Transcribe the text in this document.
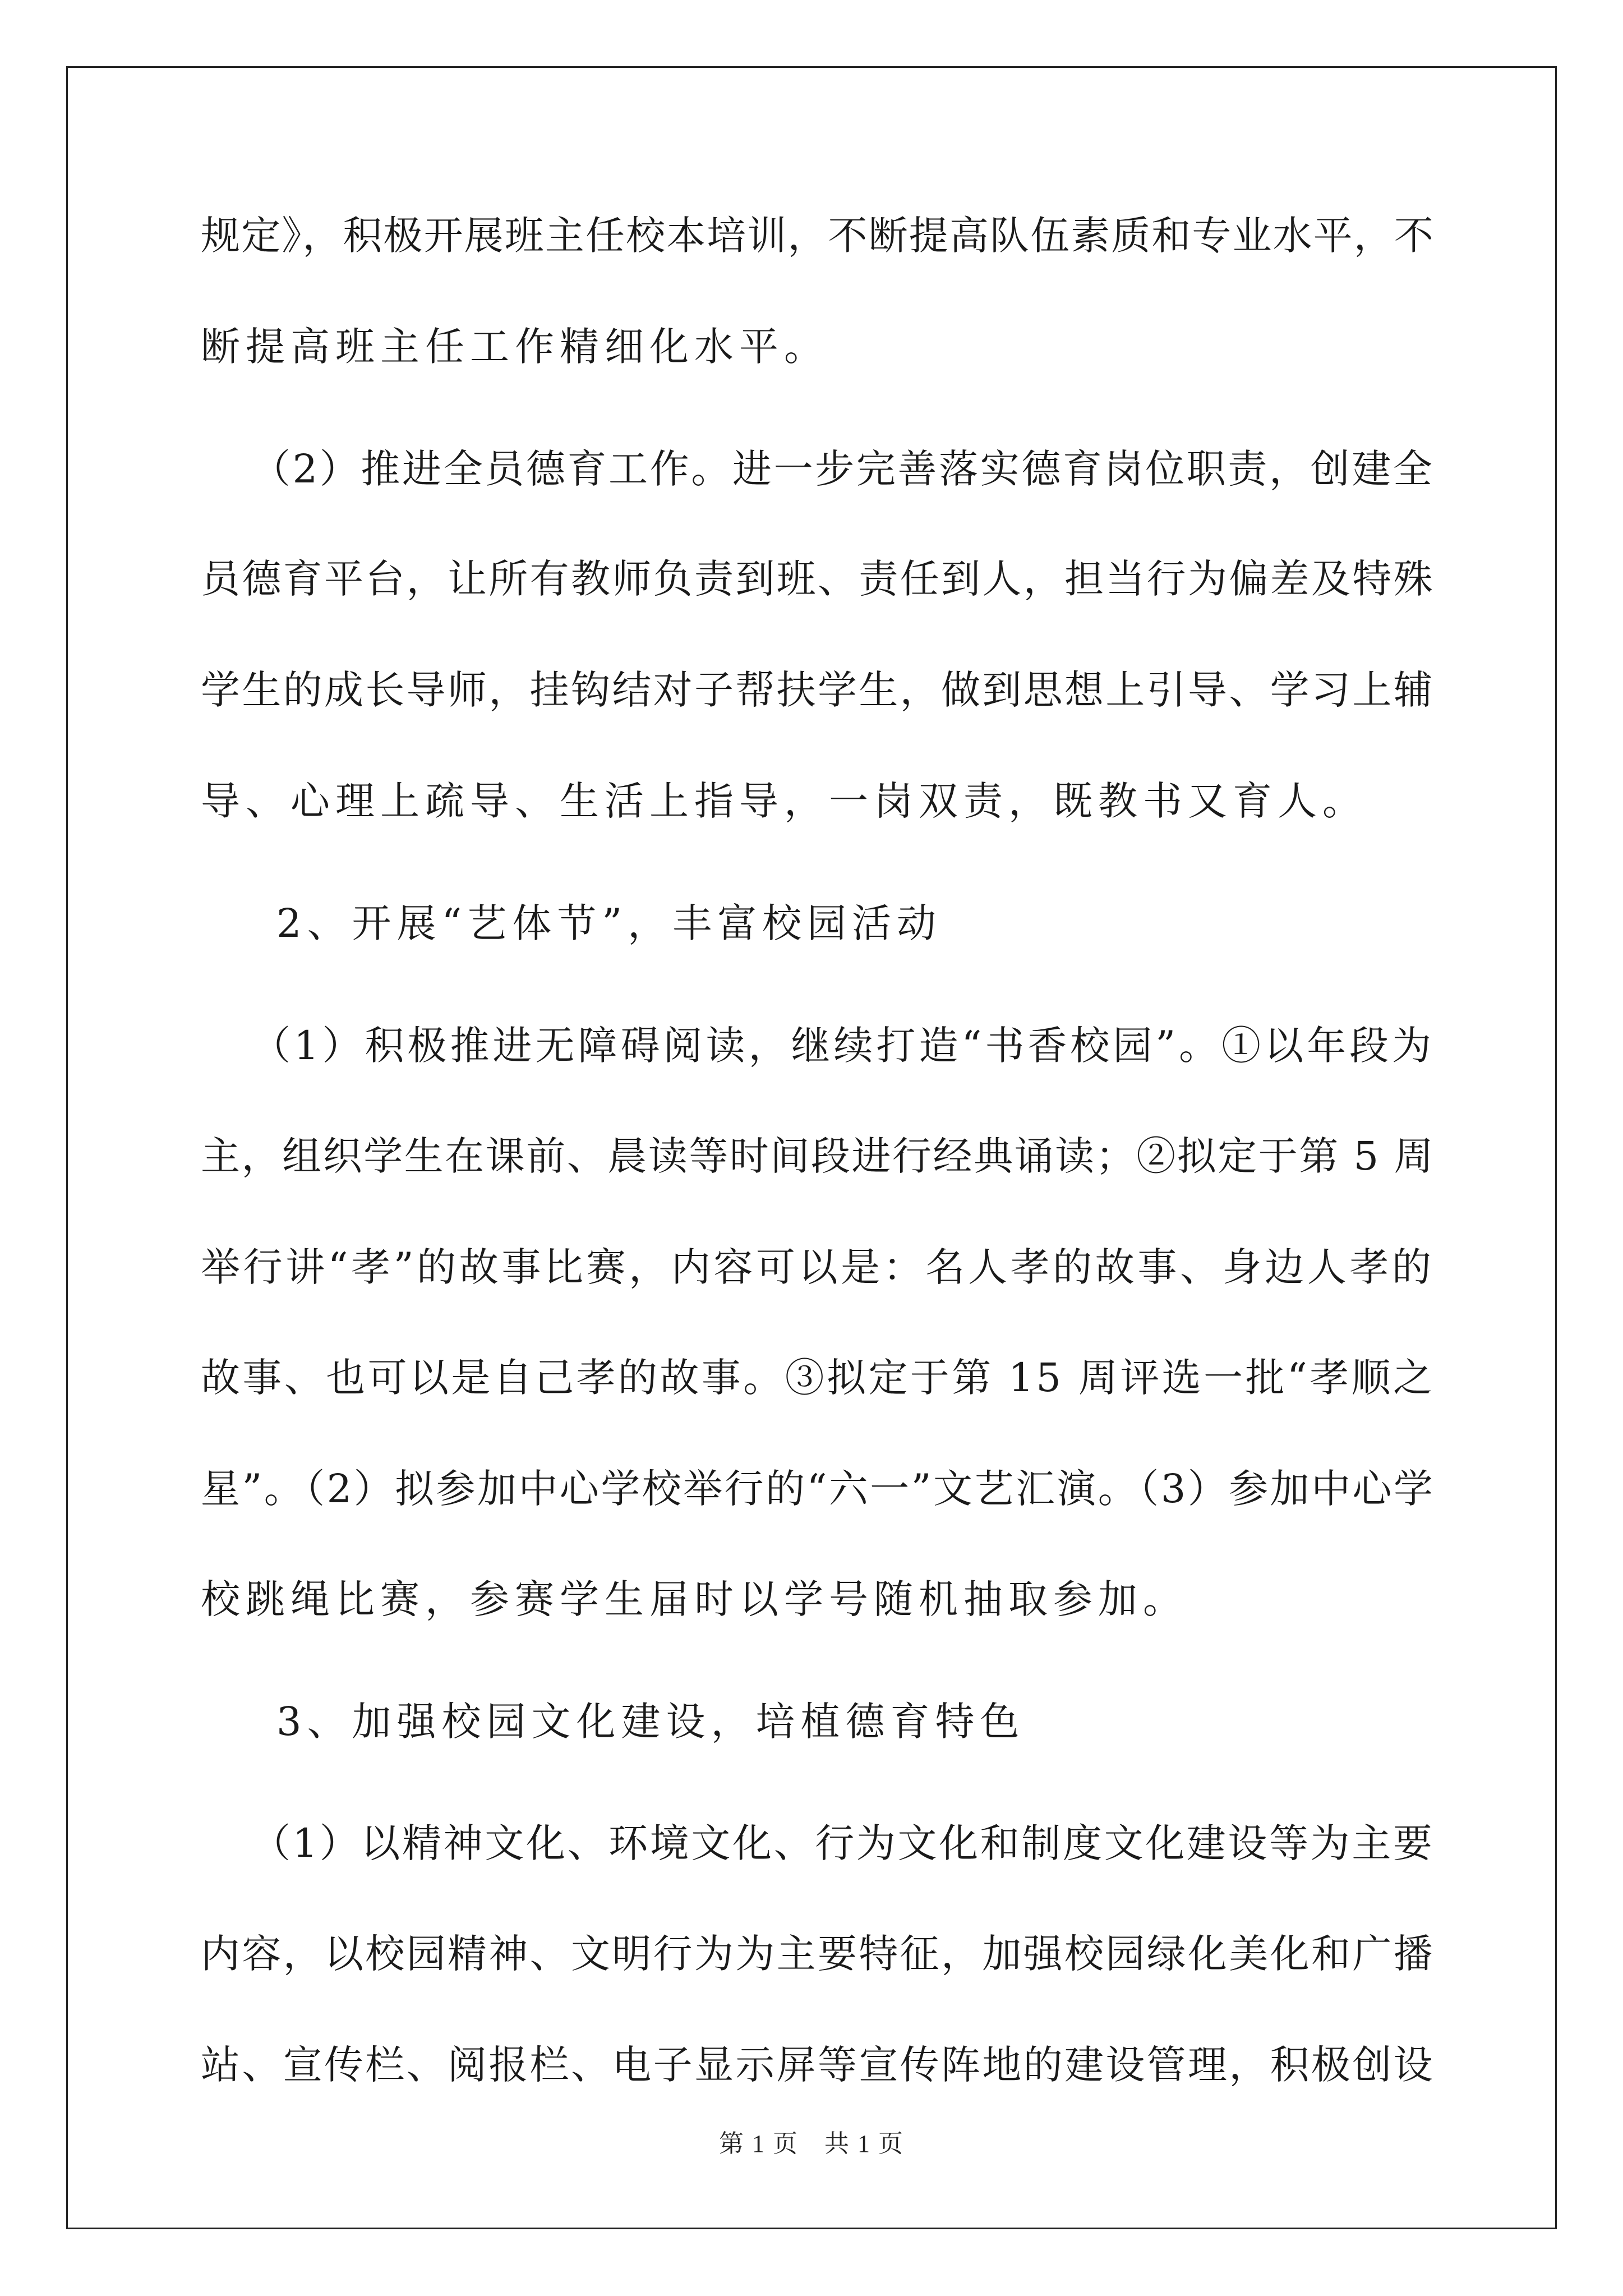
规定》，积极开展班主任校本培训，不断提高队伍素质和专业水平，不
断提高班主任工作精细化水平。
（2）推进全员德育工作。进一步完善落实德育岗位职责，创建全
员德育平台，让所有教师负责到班、责任到人，担当行为偏差及特殊
学生的成长导师，挂钩结对子帮扶学生，做到思想上引导、学习上辅
导、心理上疏导、生活上指导，一岗双责，既教书又育人。
2、开展“艺体节”，丰富校园活动
（1）积极推进无障碍阅读，继续打造“书香校园”。①以年段为
主，组织学生在课前、晨读等时间段进行经典诵读；②拟定于第 5 周
举行讲“孝”的故事比赛，内容可以是：名人孝的故事、身边人孝的
故事、也可以是自己孝的故事。③拟定于第 15 周评选一批“孝顺之
星”。（2）拟参加中心学校举行的“六一”文艺汇演。（3）参加中心学
校跳绳比赛，参赛学生届时以学号随机抽取参加。
3、加强校园文化建设，培植德育特色
（1）以精神文化、环境文化、行为文化和制度文化建设等为主要
内容，以校园精神、文明行为为主要特征，加强校园绿化美化和广播
站、宣传栏、阅报栏、电子显示屏等宣传阵地的建设管理，积极创设
第 1 页　共 1 页
